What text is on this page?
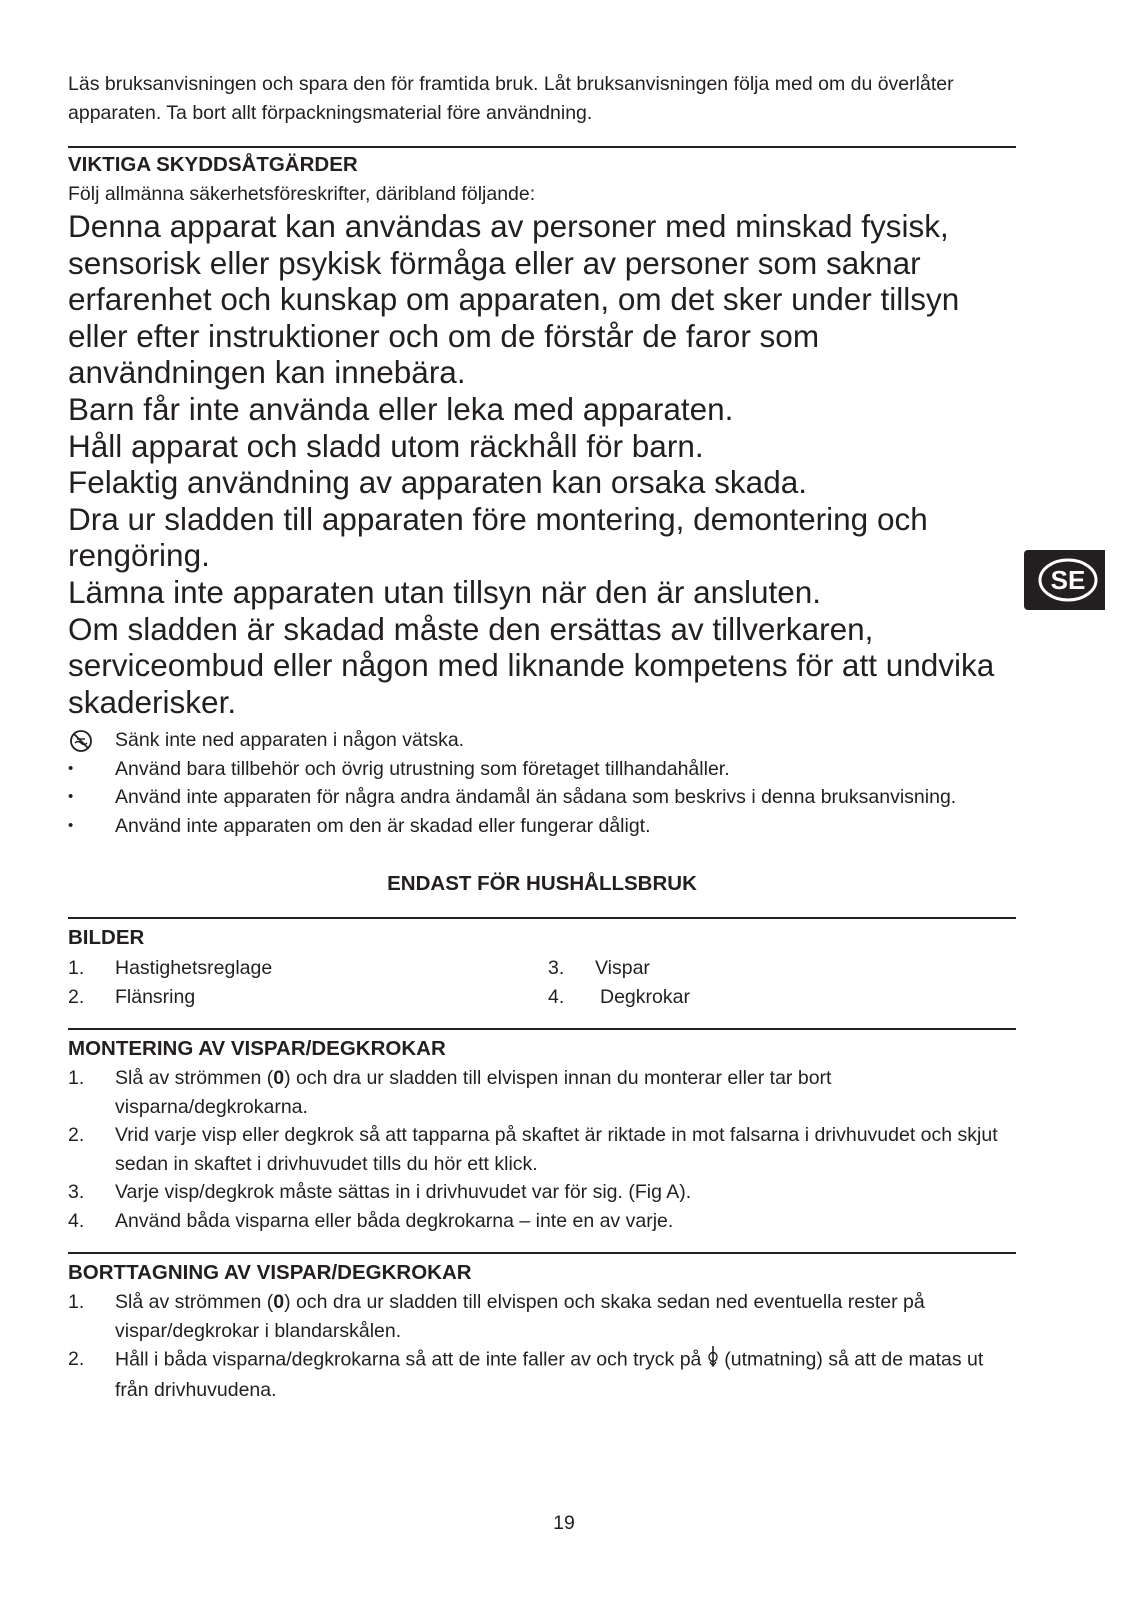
Läs bruksanvisningen och spara den för framtida bruk. Låt bruksanvisningen följa med om du överlåter apparaten. Ta bort allt förpackningsmaterial före användning.

VIKTIGA SKYDDSÅTGÄRDER

Följ allmänna säkerhetsföreskrifter, däribland följande:

Denna apparat kan användas av personer med minskad fysisk,
sensorisk eller psykisk förmåga eller av personer som saknar
erfarenhet och kunskap om apparaten, om det sker under tillsyn
eller efter instruktioner och om de förstår de faror som
användningen kan innebära.
Barn får inte använda eller leka med apparaten.
Håll apparat och sladd utom räckhåll för barn.
Felaktig användning av apparaten kan orsaka skada.
Dra ur sladden till apparaten före montering, demontering och
rengöring.
Lämna inte apparaten utan tillsyn när den är ansluten.
Om sladden är skadad måste den ersättas av tillverkaren,
serviceombud eller någon med liknande kompetens för att undvika
skaderisker.
Sänk inte ned apparaten i någon vätska.
•
Använd bara tillbehör och övrig utrustning som företaget tillhandahåller.
•
Använd inte apparaten för några andra ändamål än sådana som beskrivs i denna bruksanvisning.
•
Använd inte apparaten om den är skadad eller fungerar dåligt.
ENDAST FÖR HUSHÅLLSBRUK

BILDER

1.	Hastighetsreglage
2.	Flänsring
3.	Vispar
4.	Degkrokar

MONTERING AV VISPAR/DEGKROKAR

1.	Slå av strömmen (0) och dra ur sladden till elvispen innan du monterar eller tar bort visparna/degkrokarna.
2.	Vrid varje visp eller degkrok så att tapparna på skaftet är riktade in mot falsarna i drivhuvudet och skjut sedan in skaftet i drivhuvudet tills du hör ett klick.
3.	Varje visp/degkrok måste sättas in i drivhuvudet var för sig. (Fig A).
4.	Använd båda visparna eller båda degkrokarna – inte en av varje.

BORTTAGNING AV VISPAR/DEGKROKAR

1.	Slå av strömmen (0) och dra ur sladden till elvispen och skaka sedan ned eventuella rester på vispar/degkrokar i blandarskålen.
2.	Håll i båda visparna/degkrokarna så att de inte faller av och tryck på  (utmatning) så att de matas ut från drivhuvudena.
SE
19
